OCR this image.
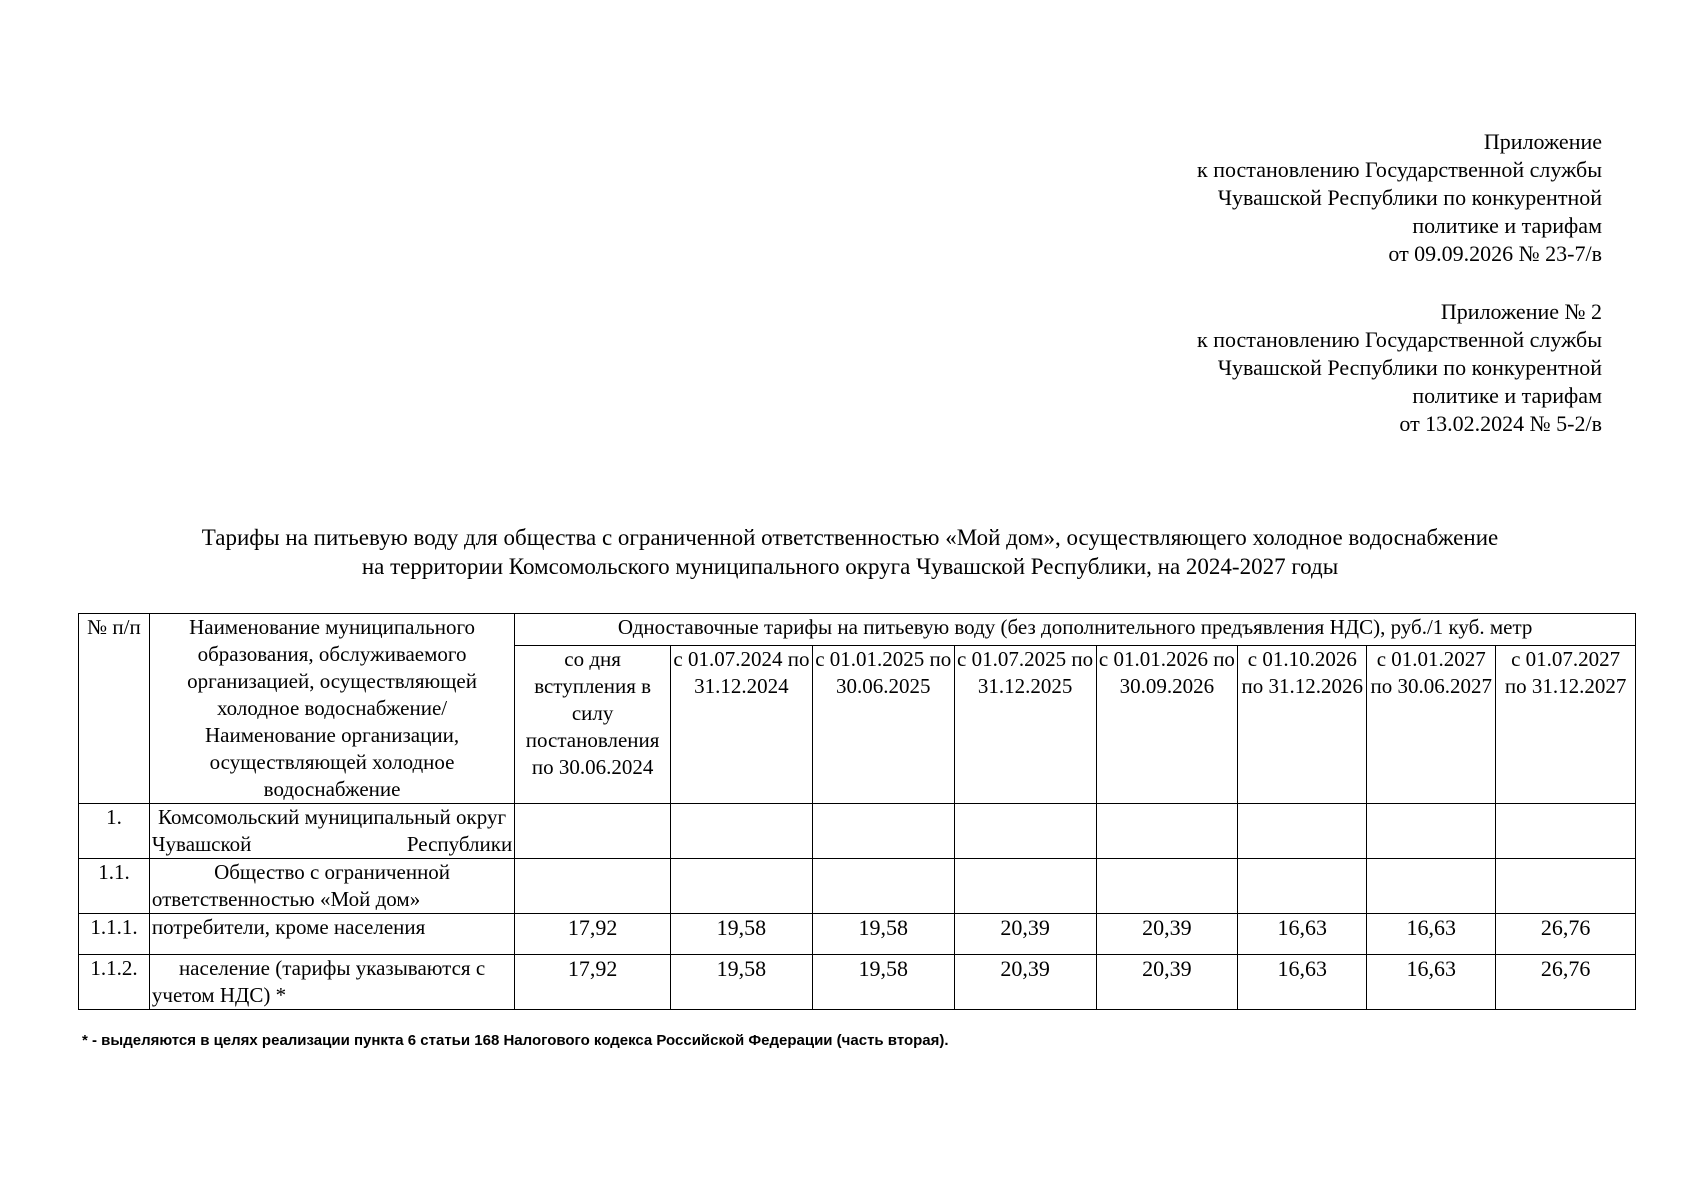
Приложение
к постановлению Государственной службы
Чувашской Республики по конкурентной
политике и тарифам
от 09.09.2026 № 23-7/в
Приложение № 2
к постановлению Государственной службы
Чувашской Республики по конкурентной
политике и тарифам
от 13.02.2024 № 5-2/в
Тарифы на питьевую воду для общества с ограниченной ответственностью «Мой дом», осуществляющего холодное водоснабжение
на территории Комсомольского муниципального округа Чувашской Республики, на 2024-2027 годы
№ п/п	Наименование муниципального образования, обслуживаемого организацией, осуществляющей холодное водоснабжение/Наименование организации, осуществляющей холодное водоснабжение	Одноставочные тарифы на питьевую воду (без дополнительного предъявления НДС), руб./1 куб. метр							
		со дня вступления в силу постановления по 30.06.2024	с 01.07.2024 по 31.12.2024	с 01.01.2025 по 30.06.2025	с 01.07.2025 по 31.12.2025	с 01.01.2026 по 30.09.2026	с 01.10.2026 по 31.12.2026	с 01.01.2027 по 30.06.2027	с 01.07.2027 по 31.12.2027
1.	Комсомольский муниципальный округ Чувашской Республики								
1.1.	Общество с ограниченной ответственностью «Мой дом»								
1.1.1.	потребители, кроме населения	17,92	19,58	19,58	20,39	20,39	16,63	16,63	26,76
1.1.2.	население (тарифы указываются с учетом НДС) *	17,92	19,58	19,58	20,39	20,39	16,63	16,63	26,76
* - выделяются в целях реализации пункта 6 статьи 168 Налогового кодекса Российской Федерации (часть вторая).
